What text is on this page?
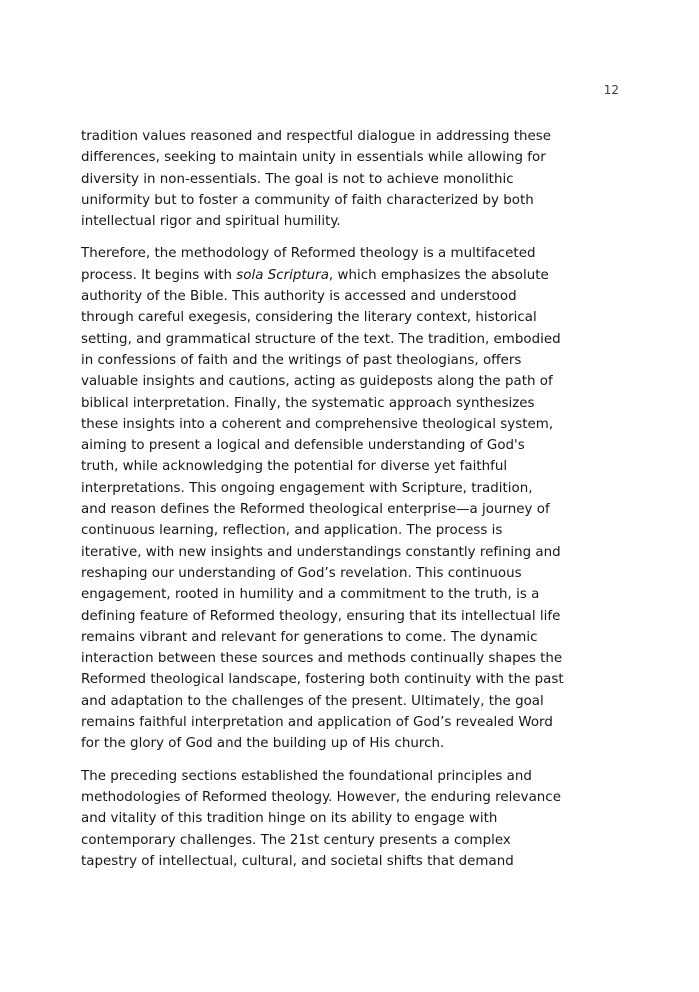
12
tradition values reasoned and respectful dialogue in addressing these
differences, seeking to maintain unity in essentials while allowing for
diversity in non-essentials. The goal is not to achieve monolithic
uniformity but to foster a community of faith characterized by both
intellectual rigor and spiritual humility.
Therefore, the methodology of Reformed theology is a multifaceted
process. It begins with sola Scriptura, which emphasizes the absolute
authority of the Bible. This authority is accessed and understood
through careful exegesis, considering the literary context, historical
setting, and grammatical structure of the text. The tradition, embodied
in confessions of faith and the writings of past theologians, offers
valuable insights and cautions, acting as guideposts along the path of
biblical interpretation. Finally, the systematic approach synthesizes
these insights into a coherent and comprehensive theological system,
aiming to present a logical and defensible understanding of God's
truth, while acknowledging the potential for diverse yet faithful
interpretations. This ongoing engagement with Scripture, tradition,
and reason defines the Reformed theological enterprise—a journey of
continuous learning, reflection, and application. The process is
iterative, with new insights and understandings constantly refining and
reshaping our understanding of God’s revelation. This continuous
engagement, rooted in humility and a commitment to the truth, is a
defining feature of Reformed theology, ensuring that its intellectual life
remains vibrant and relevant for generations to come. The dynamic
interaction between these sources and methods continually shapes the
Reformed theological landscape, fostering both continuity with the past
and adaptation to the challenges of the present. Ultimately, the goal
remains faithful interpretation and application of God’s revealed Word
for the glory of God and the building up of His church.
The preceding sections established the foundational principles and
methodologies of Reformed theology. However, the enduring relevance
and vitality of this tradition hinge on its ability to engage with
contemporary challenges. The 21st century presents a complex
tapestry of intellectual, cultural, and societal shifts that demand
